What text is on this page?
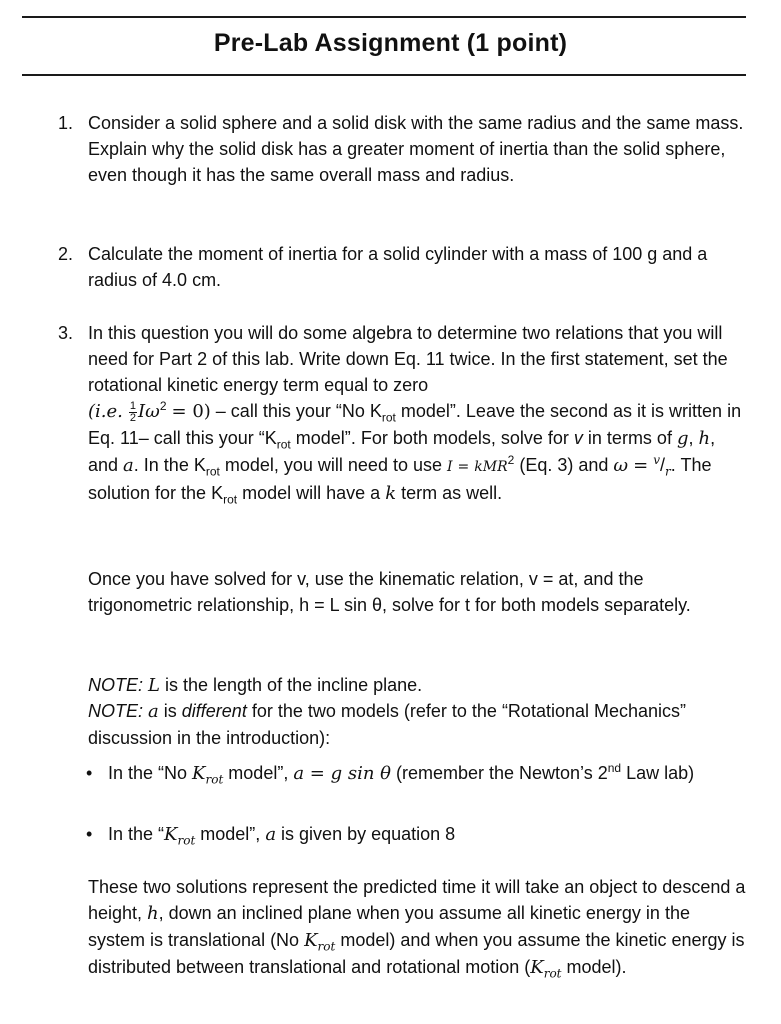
Pre-Lab Assignment (1 point)
1. Consider a solid sphere and a solid disk with the same radius and the same mass. Explain why the solid disk has a greater moment of inertia than the solid sphere, even though it has the same overall mass and radius.
2. Calculate the moment of inertia for a solid cylinder with a mass of 100 g and a radius of 4.0 cm.
3. In this question you will do some algebra to determine two relations that you will need for Part 2 of this lab. Write down Eq. 11 twice. In the first statement, set the rotational kinetic energy term equal to zero
(i.e. $\frac{1}{2} I\omega^2 = 0$) – call this your “No $K_{rot}$ model”. Leave the second as it is written in Eq. 11– call this your “$K_{rot}$ model”. For both models, solve for v in terms of g, h, and a. In the $K_{rot}$ model, you will need to use I = kMR$^2$ (Eq. 3) and $\omega = ^v/_r$. The solution for the $K_{rot}$ model will have a k term as well.
Once you have solved for v, use the kinematic relation, v = at, and the trigonometric relationship, h = L sin θ, solve for t for both models separately.
NOTE: L is the length of the incline plane.
NOTE: a is different for the two models (refer to the “Rotational Mechanics” discussion in the introduction):
• In the “No $K_{rot}$ model”, a = g sin θ (remember the Newton’s 2nd Law lab)
• In the “$K_{rot}$ model”, a is given by equation 8
These two solutions represent the predicted time it will take an object to descend a height, h, down an inclined plane when you assume all kinetic energy in the system is translational (No $K_{rot}$ model) and when you assume the kinetic energy is distributed between translational and rotational motion ($K_{rot}$ model).
